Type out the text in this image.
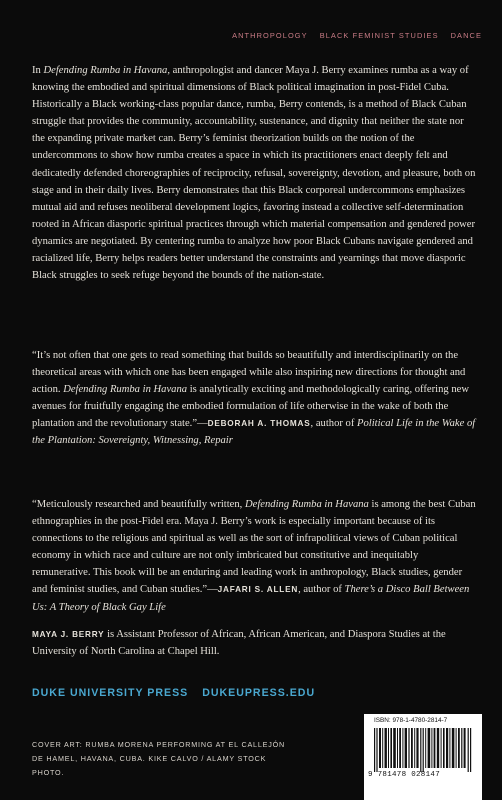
ANTHROPOLOGY BLACK FEMINIST STUDIES DANCE

In Defending Rumba in Havana, anthropologist and dancer Maya J. Berry examines rumba as a way of knowing the embodied and spiritual dimensions of Black political imagination in post-Fidel Cuba. Historically a Black working-class popular dance, rumba, Berry contends, is a method of Black Cuban struggle that provides the community, accountability, sustenance, and dignity that neither the state nor the expanding private market can. Berry’s feminist theorization builds on the notion of the undercommons to show how rumba creates a space in which its practitioners enact deeply felt and dedicatedly defended choreographies of reciprocity, refusal, sovereignty, devotion, and pleasure, both on stage and in their daily lives. Berry demonstrates that this Black corporeal undercommons emphasizes mutual aid and refuses neoliberal development logics, favoring instead a collective self-determination rooted in African diasporic spiritual practices through which material compensation and gendered power dynamics are negotiated. By centering rumba to analyze how poor Black Cubans navigate gendered and racialized life, Berry helps readers better understand the constraints and yearnings that move diasporic Black struggles to seek refuge beyond the bounds of the nation-state.

“It’s not often that one gets to read something that builds so beautifully and interdisciplinarily on the theoretical areas with which one has been engaged while also inspiring new directions for thought and action. Defending Rumba in Havana is analytically exciting and methodologically caring, offering new avenues for fruitfully engaging the embodied formulation of life otherwise in the wake of both the plantation and the revolutionary state.”—DEBORAH A. THOMAS, author of Political Life in the Wake of the Plantation: Sovereignty, Witnessing, Repair

“Meticulously researched and beautifully written, Defending Rumba in Havana is among the best Cuban ethnographies in the post-Fidel era. Maya J. Berry’s work is especially important because of its connections to the religious and spiritual as well as the sort of infrapolitical views of Cuban political economy in which race and culture are not only imbricated but constitutive and inequitably remunerative. This book will be an enduring and leading work in anthropology, Black studies, gender and feminist studies, and Cuban studies.”—JAFARI S. ALLEN, author of There’s a Disco Ball Between Us: A Theory of Black Gay Life

MAYA J. BERRY is Assistant Professor of African, African American, and Diaspora Studies at the University of North Carolina at Chapel Hill.

DUKE UNIVERSITY PRESS DUKEUPRESS.EDU
COVER ART: RUMBA MORENA PERFORMING AT EL CALLEJÓN DE HAMEL, HAVANA, CUBA. KIKE CALVO / ALAMY STOCK PHOTO.
ISBN: 978-1-4780-2814-7
9 781478 028147
